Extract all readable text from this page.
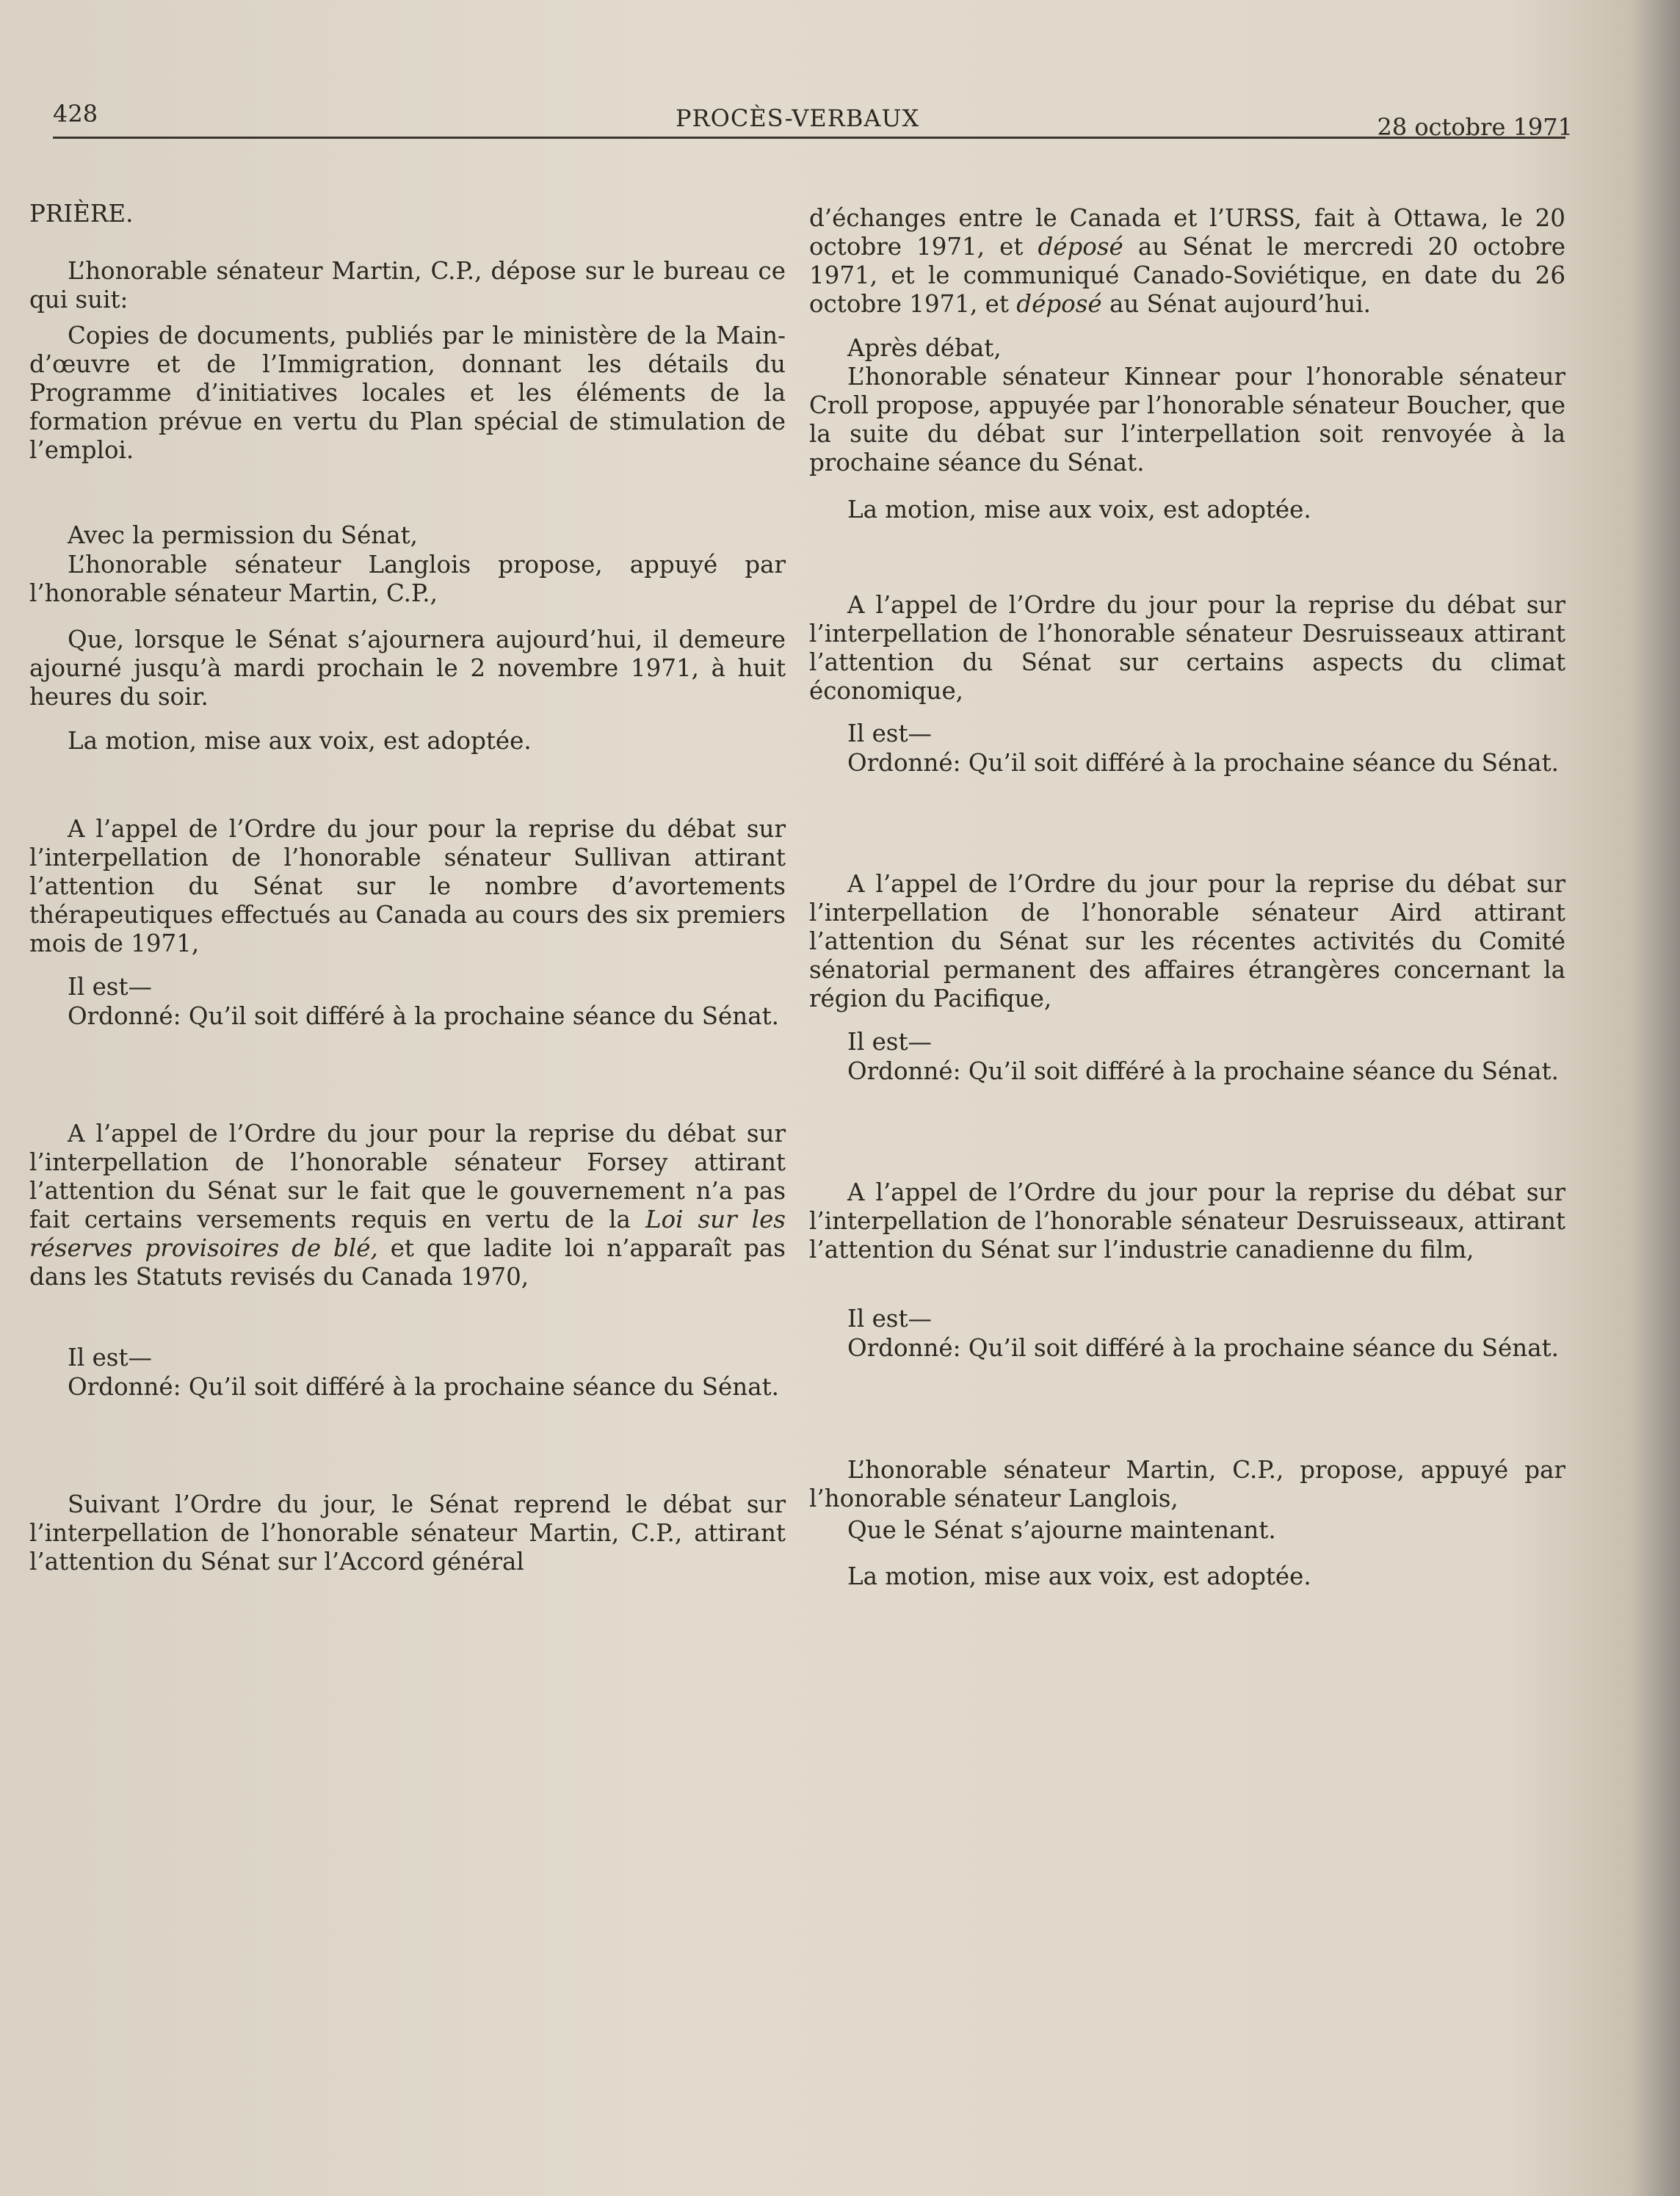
428	PROCÈS-VERBAUX	28 octobre 1971

PRIÈRE.

L’honorable sénateur Martin, C.P., dépose sur le bureau ce qui suit:

Copies de documents, publiés par le ministère de la Main-d’œuvre et de l’Immigration, donnant les détails du Programme d’initiatives locales et les éléments de la formation prévue en vertu du Plan spécial de stimulation de l’emploi.

Avec la permission du Sénat,

L’honorable sénateur Langlois propose, appuyé par l’honorable sénateur Martin, C.P.,

Que, lorsque le Sénat s’ajournera aujourd’hui, il demeure ajourné jusqu’à mardi prochain le 2 novembre 1971, à huit heures du soir.

La motion, mise aux voix, est adoptée.

A l’appel de l’Ordre du jour pour la reprise du débat sur l’interpellation de l’honorable sénateur Sullivan attirant l’attention du Sénat sur le nombre d’avortements thérapeutiques effectués au Canada au cours des six premiers mois de 1971,

Il est—

Ordonné: Qu’il soit différé à la prochaine séance du Sénat.

A l’appel de l’Ordre du jour pour la reprise du débat sur l’interpellation de l’honorable sénateur Forsey attirant l’attention du Sénat sur le fait que le gouvernement n’a pas fait certains versements requis en vertu de la Loi sur les réserves provisoires de blé, et que ladite loi n’apparaît pas dans les Statuts revisés du Canada 1970,

Il est—

Ordonné: Qu’il soit différé à la prochaine séance du Sénat.

Suivant l’Ordre du jour, le Sénat reprend le débat sur l’interpellation de l’honorable sénateur Martin, C.P., attirant l’attention du Sénat sur l’Accord général

d’échanges entre le Canada et l’URSS, fait à Ottawa, le 20 octobre 1971, et déposé au Sénat le mercredi 20 octobre 1971, et le communiqué Canado-Soviétique, en date du 26 octobre 1971, et déposé au Sénat aujourd’hui.

Après débat,

L’honorable sénateur Kinnear pour l’honorable sénateur Croll propose, appuyée par l’honorable sénateur Boucher, que la suite du débat sur l’interpellation soit renvoyée à la prochaine séance du Sénat.

La motion, mise aux voix, est adoptée.

A l’appel de l’Ordre du jour pour la reprise du débat sur l’interpellation de l’honorable sénateur Desruisseaux attirant l’attention du Sénat sur certains aspects du climat économique,

Il est—

Ordonné: Qu’il soit différé à la prochaine séance du Sénat.

A l’appel de l’Ordre du jour pour la reprise du débat sur l’interpellation de l’honorable sénateur Aird attirant l’attention du Sénat sur les récentes activités du Comité sénatorial permanent des affaires étrangères concernant la région du Pacifique,

Il est—

Ordonné: Qu’il soit différé à la prochaine séance du Sénat.

A l’appel de l’Ordre du jour pour la reprise du débat sur l’interpellation de l’honorable sénateur Desruisseaux, attirant l’attention du Sénat sur l’industrie canadienne du film,

Il est—

Ordonné: Qu’il soit différé à la prochaine séance du Sénat.

L’honorable sénateur Martin, C.P., propose, appuyé par l’honorable sénateur Langlois,

Que le Sénat s’ajourne maintenant.

La motion, mise aux voix, est adoptée.
